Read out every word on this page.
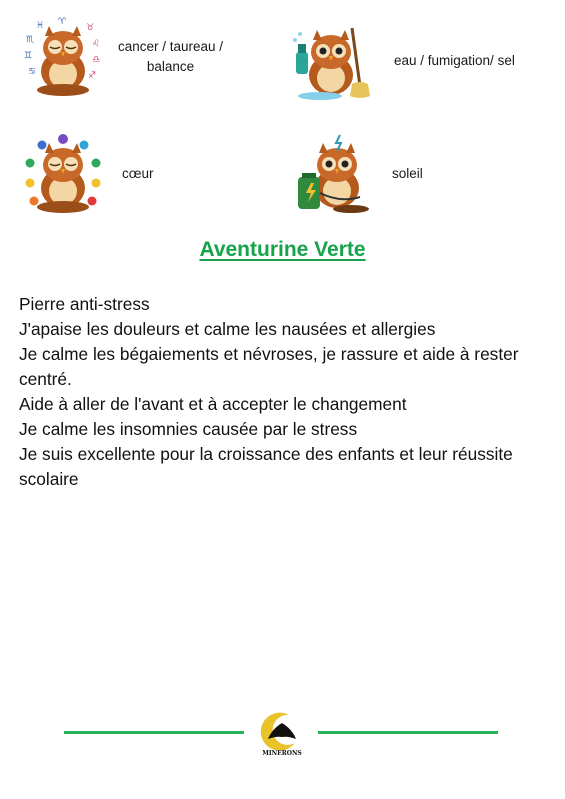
♏
♊
♋
♓ ♈
♉
♌
♎
♐
cancer / taureau /
balance	eau / fumigation/ sel
cœur	soleil
Aventurine Verte

Pierre anti-stress

J'apaise les douleurs et calme les nausées et allergies

Je calme les bégaiements et névroses, je rassure et aide à rester centré.

Aide à aller de l'avant et à accepter le changement

Je calme les insomnies causée par le stress

Je suis excellente pour la croissance des enfants et leur réussite scolaire

MINERONS
